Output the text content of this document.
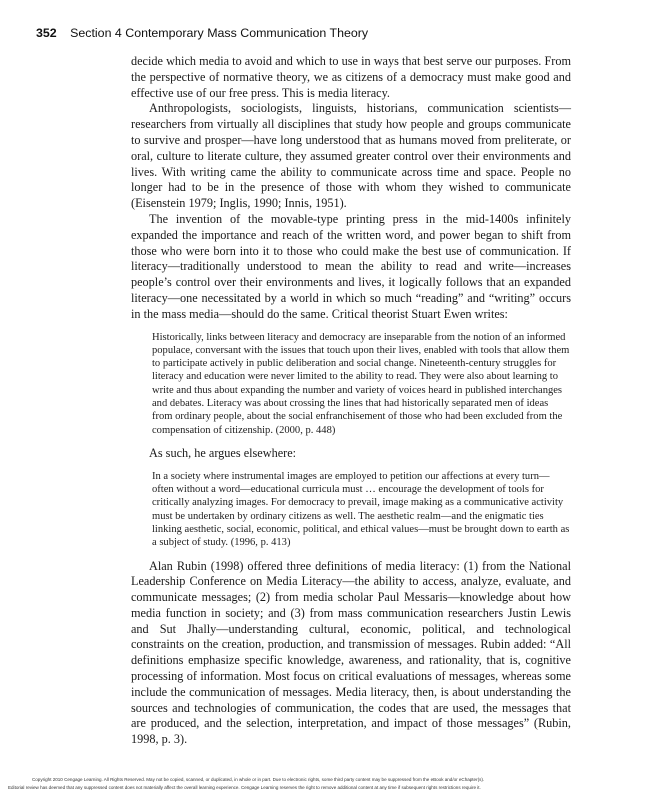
352 Section 4 Contemporary Mass Communication Theory

decide which media to avoid and which to use in ways that best serve our purposes. From the perspective of normative theory, we as citizens of a democracy must make good and effective use of our free press. This is media literacy.

Anthropologists, sociologists, linguists, historians, communication scientists—researchers from virtually all disciplines that study how people and groups communicate to survive and prosper—have long understood that as humans moved from preliterate, or oral, culture to literate culture, they assumed greater control over their environments and lives. With writing came the ability to communicate across time and space. People no longer had to be in the presence of those with whom they wished to communicate (Eisenstein 1979; Inglis, 1990; Innis, 1951).

The invention of the movable-type printing press in the mid-1400s infinitely expanded the importance and reach of the written word, and power began to shift from those who were born into it to those who could make the best use of communication. If literacy—traditionally understood to mean the ability to read and write—increases people’s control over their environments and lives, it logically follows that an expanded literacy—one necessitated by a world in which so much “reading” and “writing” occurs in the mass media—should do the same. Critical theorist Stuart Ewen writes:

Historically, links between literacy and democracy are inseparable from the notion of an informed populace, conversant with the issues that touch upon their lives, enabled with tools that allow them to participate actively in public deliberation and social change. Nineteenth-century struggles for literacy and education were never limited to the ability to read. They were also about learning to write and thus about expanding the number and variety of voices heard in published interchanges and debates. Literacy was about crossing the lines that had historically separated men of ideas from ordinary people, about the social enfranchisement of those who had been excluded from the compensation of citizenship. (2000, p. 448)

As such, he argues elsewhere:

In a society where instrumental images are employed to petition our affections at every turn—often without a word—educational curricula must … encourage the development of tools for critically analyzing images. For democracy to prevail, image making as a communicative activity must be undertaken by ordinary citizens as well. The aesthetic realm—and the enigmatic ties linking aesthetic, social, economic, political, and ethical values—must be brought down to earth as a subject of study. (1996, p. 413)

Alan Rubin (1998) offered three definitions of media literacy: (1) from the National Leadership Conference on Media Literacy—the ability to access, analyze, evaluate, and communicate messages; (2) from media scholar Paul Messaris—knowledge about how media function in society; and (3) from mass communication researchers Justin Lewis and Sut Jhally—understanding cultural, economic, political, and technological constraints on the creation, production, and transmission of messages. Rubin added: “All definitions emphasize specific knowledge, awareness, and rationality, that is, cognitive processing of information. Most focus on critical evaluations of messages, whereas some include the communication of messages. Media literacy, then, is about understanding the sources and technologies of communication, the codes that are used, the messages that are produced, and the selection, interpretation, and impact of those messages” (Rubin, 1998, p. 3).

Copyright 2010 Cengage Learning. All Rights Reserved. May not be copied, scanned, or duplicated, in whole or in part. Due to electronic rights, some third party content may be suppressed from the eBook and/or eChapter(s).
Editorial review has deemed that any suppressed content does not materially affect the overall learning experience. Cengage Learning reserves the right to remove additional content at any time if subsequent rights restrictions require it.
